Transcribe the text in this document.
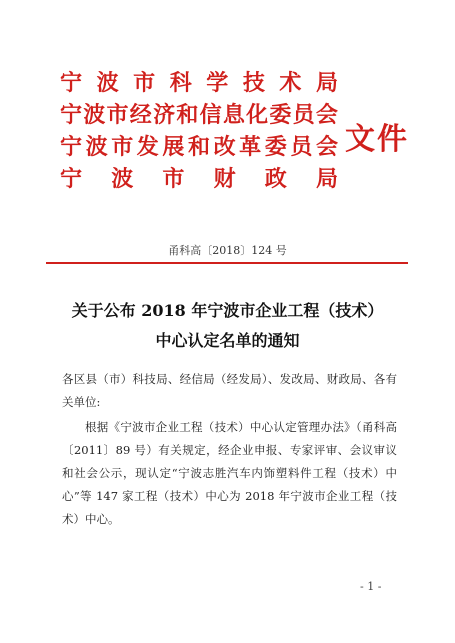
宁 波 市 科 学 技 术 局
宁 波 市 经 济 和 信 息 化 委 员 会
宁 波 市 发 展 和 改 革 委 员 会
宁 波 市 财 政 局
文件
甬科高〔2018〕124 号
关于公布 2018 年宁波市企业工程（技术）
中心认定名单的通知
各区县（市）科技局、经信局（经发局）、发改局、财政局、各有关单位:
根据《宁波市企业工程（技术）中心认定管理办法》（甬科高〔2011〕89 号）有关规定，经企业申报、专家评审、会议审议和社会公示，现认定“宁波志胜汽车内饰塑料件工程（技术）中心”等 147 家工程（技术）中心为 2018 年宁波市企业工程（技术）中心。
- 1 -
